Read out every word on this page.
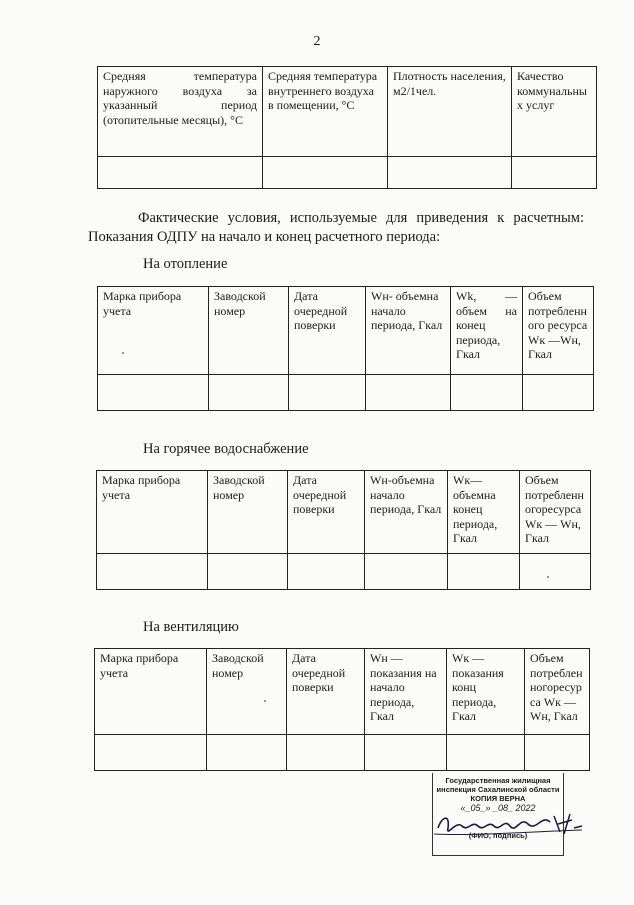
2
Средняя температура наружного воздуха за указанный период (отопительные месяцы), °C	Средняя температура внутреннего воздуха в помещении, °C	Плотность населения, м2/1чел.	Качество коммунальных услуг

Фактические условия, используемые для приведения к расчетным: Показания ОДПУ на начало и конец расчетного периода:
На отопление
Марка прибора учета	Заводской номер	Дата очередной поверки	Wн- объемна начало периода, Гкал	Wk, — объем на конец периода, Гкал	Объем потребленного ресурса Wк —Wн, Гкал

На горячее водоснабжение
Марка прибора учета	Заводской номер	Дата очередной поверки	Wн-объемна начало периода, Гкал	Wк— объемна конец периода, Гкал	Объем потребленногоресурса Wк — Wн, Гкал

На вентиляцию
Марка прибора учета	Заводской номер	Дата очередной поверки	Wн — показания на начало периода, Гкал	Wк — показания конц периода, Гкал	Объем потребленногоресурса Wк — Wн, Гкал

Государственная жилищная
инспекция Сахалинской области
КОПИЯ ВЕРНА
«_05_» _08_ 2022
(ФИО, подпись)
